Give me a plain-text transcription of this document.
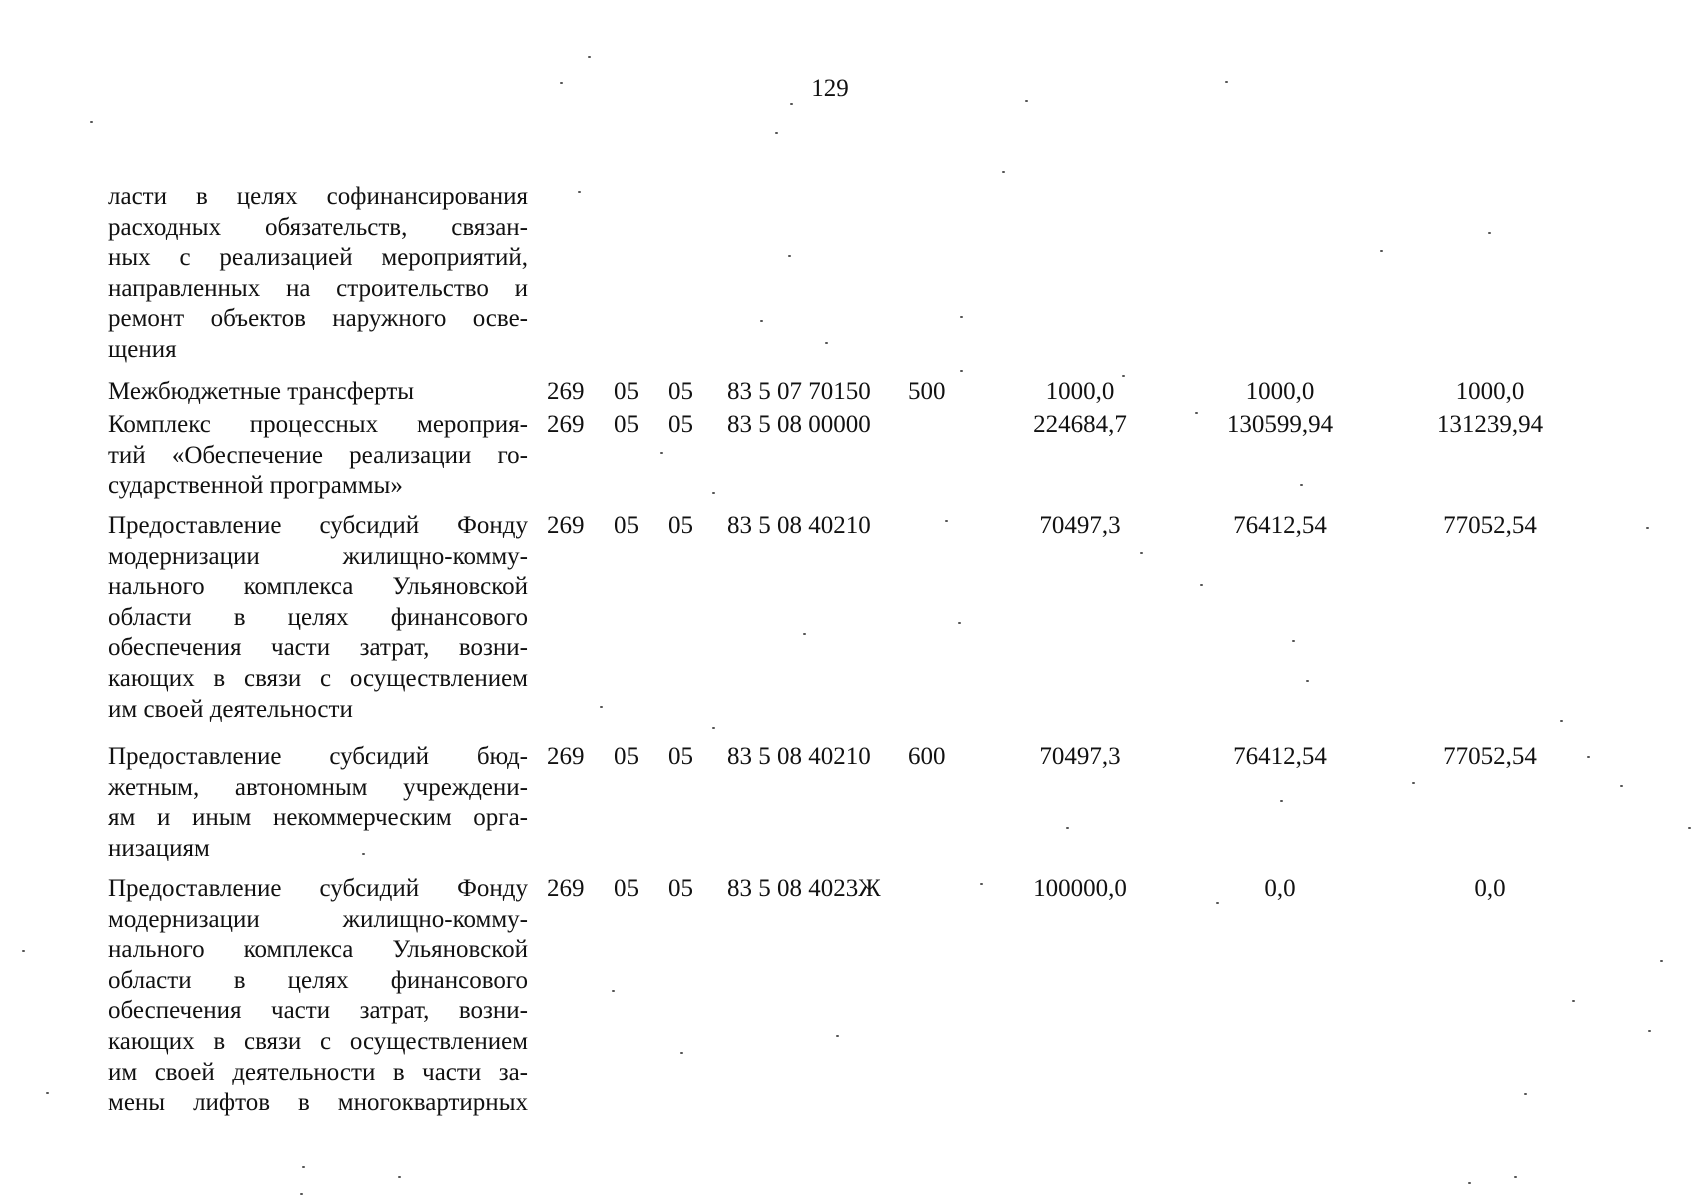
129
ласти в целях софинансирования
расходных обязательств, связан-
ных с реализацией мероприятий,
направленных на строительство и
ремонт объектов наружного осве-
щения
Межбюджетные трансферты	269 05 05 83 5 07 70150 500	1000,0	1000,0	1000,0
Комплекс процессных мероприя-
тий «Обеспечение реализации го-
сударственной программы»
269 05 05 83 5 08 00000	224684,7	130599,94	131239,94
Предоставление субсидий Фонду
модернизации жилищно-комму-
нального комплекса Ульяновской
области в целях финансового
обеспечения части затрат, возни-
кающих в связи с осуществлением
им своей деятельности
269 05 05 83 5 08 40210	70497,3	76412,54	77052,54
Предоставление субсидий бюд-
жетным, автономным учреждени-
ям и иным некоммерческим орга-
низациям
269 05 05 83 5 08 40210 600	70497,3	76412,54	77052,54
Предоставление субсидий Фонду
модернизации жилищно-комму-
нального комплекса Ульяновской
области в целях финансового
обеспечения части затрат, возни-
кающих в связи с осуществлением
им своей деятельности в части за-
мены лифтов в многоквартирных
269 05 05 83 5 08 4023Ж	100000,0	0,0	0,0
